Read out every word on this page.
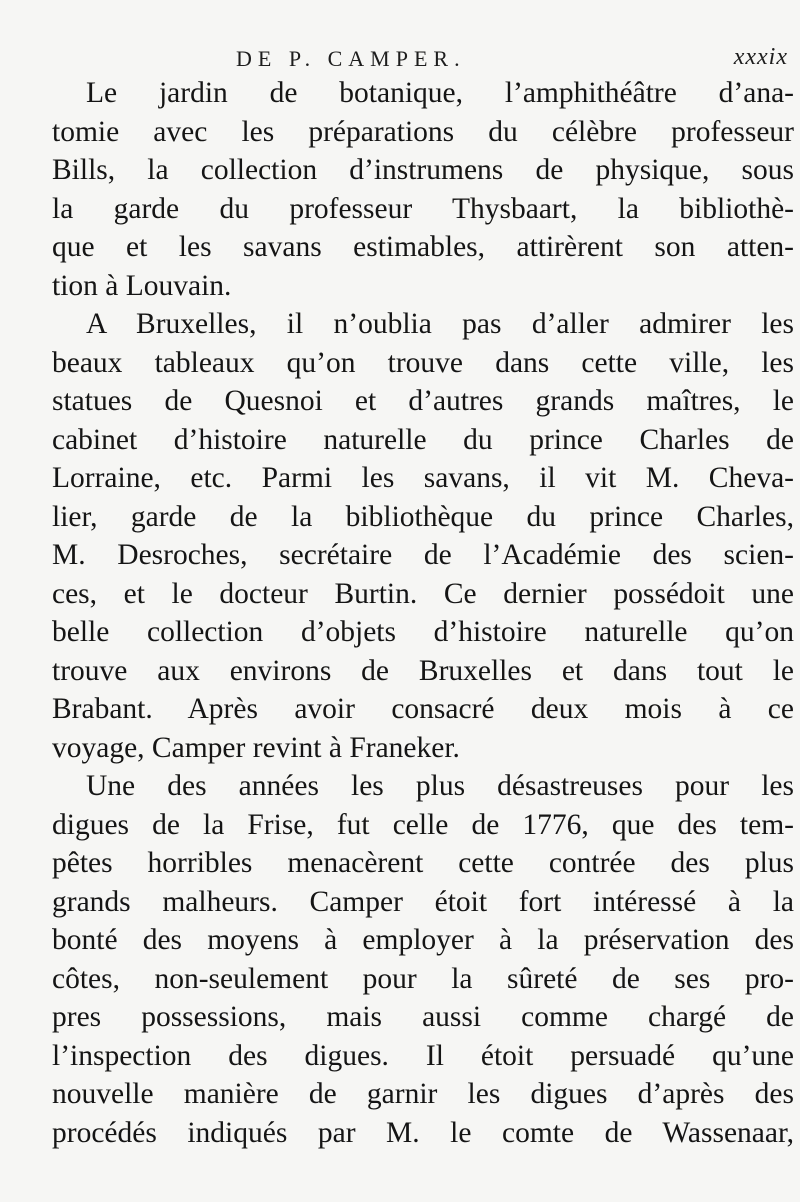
DE P. CAMPER.	xxxix
Le jardin de botanique, l’amphithéâtre d’ana-
tomie avec les préparations du célèbre professeur
Bills, la collection d’instrumens de physique, sous
la garde du professeur Thysbaart, la bibliothè-
que et les savans estimables, attirèrent son atten-
tion à Louvain.
A Bruxelles, il n’oublia pas d’aller admirer les
beaux tableaux qu’on trouve dans cette ville, les
statues de Quesnoi et d’autres grands maîtres, le
cabinet d’histoire naturelle du prince Charles de
Lorraine, etc. Parmi les savans, il vit M. Cheva-
lier, garde de la bibliothèque du prince Charles,
M. Desroches, secrétaire de l’Académie des scien-
ces, et le docteur Burtin. Ce dernier possédoit une
belle collection d’objets d’histoire naturelle qu’on
trouve aux environs de Bruxelles et dans tout le
Brabant. Après avoir consacré deux mois à ce
voyage, Camper revint à Franeker.
Une des années les plus désastreuses pour les
digues de la Frise, fut celle de 1776, que des tem-
pêtes horribles menacèrent cette contrée des plus
grands malheurs. Camper étoit fort intéressé à la
bonté des moyens à employer à la préservation des
côtes, non-seulement pour la sûreté de ses pro-
pres possessions, mais aussi comme chargé de
l’inspection des digues. Il étoit persuadé qu’une
nouvelle manière de garnir les digues d’après des
procédés indiqués par M. le comte de Wassenaar,
